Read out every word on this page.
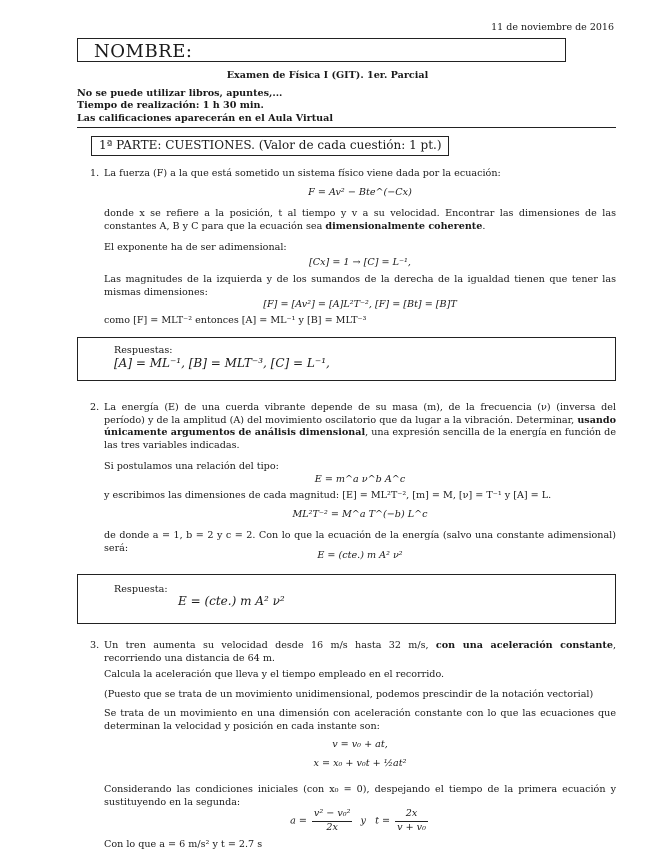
11 de noviembre de 2016
NOMBRE:
Examen de Física I (GIT). 1er. Parcial
No se puede utilizar libros, apuntes,...
Tiempo de realización: 1 h 30 min.
Las calificaciones aparecerán en el Aula Virtual
1ª PARTE: CUESTIONES. (Valor de cada cuestión: 1 pt.)
1. La fuerza (F) a la que está sometido un sistema físico viene dada por la ecuación:
F = Av² − Bte^(−Cx)
donde x se refiere a la posición, t al tiempo y v a su velocidad. Encontrar las dimensiones de las constantes A, B y C para que la ecuación sea dimensionalmente coherente.
El exponente ha de ser adimensional:
[Cx] = 1 → [C] = L⁻¹,
Las magnitudes de la izquierda y de los sumandos de la derecha de la igualdad tienen que tener las mismas dimensiones:
[F] = [Av²] = [A]L²T⁻², [F] = [Bt] = [B]T
como [F] = MLT⁻² entonces [A] = ML⁻¹ y [B] = MLT⁻³
Respuestas:
[A] = ML⁻¹, [B] = MLT⁻³, [C] = L⁻¹,
2. La energía (E) de una cuerda vibrante depende de su masa (m), de la frecuencia (ν) (inversa del período) y de la amplitud (A) del movimiento oscilatorio que da lugar a la vibración. Determinar, usando únicamente argumentos de análisis dimensional, una expresión sencilla de la energía en función de las tres variables indicadas.
Si postulamos una relación del tipo:
E = m^a ν^b A^c
y escribimos las dimensiones de cada magnitud: [E] = ML²T⁻², [m] = M, [ν] = T⁻¹ y [A] = L.
ML²T⁻² = M^a T^(−b) L^c
de donde a = 1, b = 2 y c = 2. Con lo que la ecuación de la energía (salvo una constante adimensional) será:
E = (cte.) m A² ν²
Respuesta:
E = (cte.) m A² ν²
3. Un tren aumenta su velocidad desde 16 m/s hasta 32 m/s, con una aceleración constante, recorriendo una distancia de 64 m.
Calcula la aceleración que lleva y el tiempo empleado en el recorrido.
(Puesto que se trata de un movimiento unidimensional, podemos prescindir de la notación vectorial)
Se trata de un movimiento en una dimensión con aceleración constante con lo que las ecuaciones que determinan la velocidad y posición en cada instante son:
v = v₀ + at,
x = x₀ + v₀t + ½at²
Considerando las condiciones iniciales (con x₀ = 0), despejando el tiempo de la primera ecuación y sustituyendo en la segunda:
$a = \frac{\text{v² − v₀²}}{2x}$ y   $t = \frac{2x}{\text{v + v₀}}$
Con lo que a = 6 m/s² y t = 2.7 s
